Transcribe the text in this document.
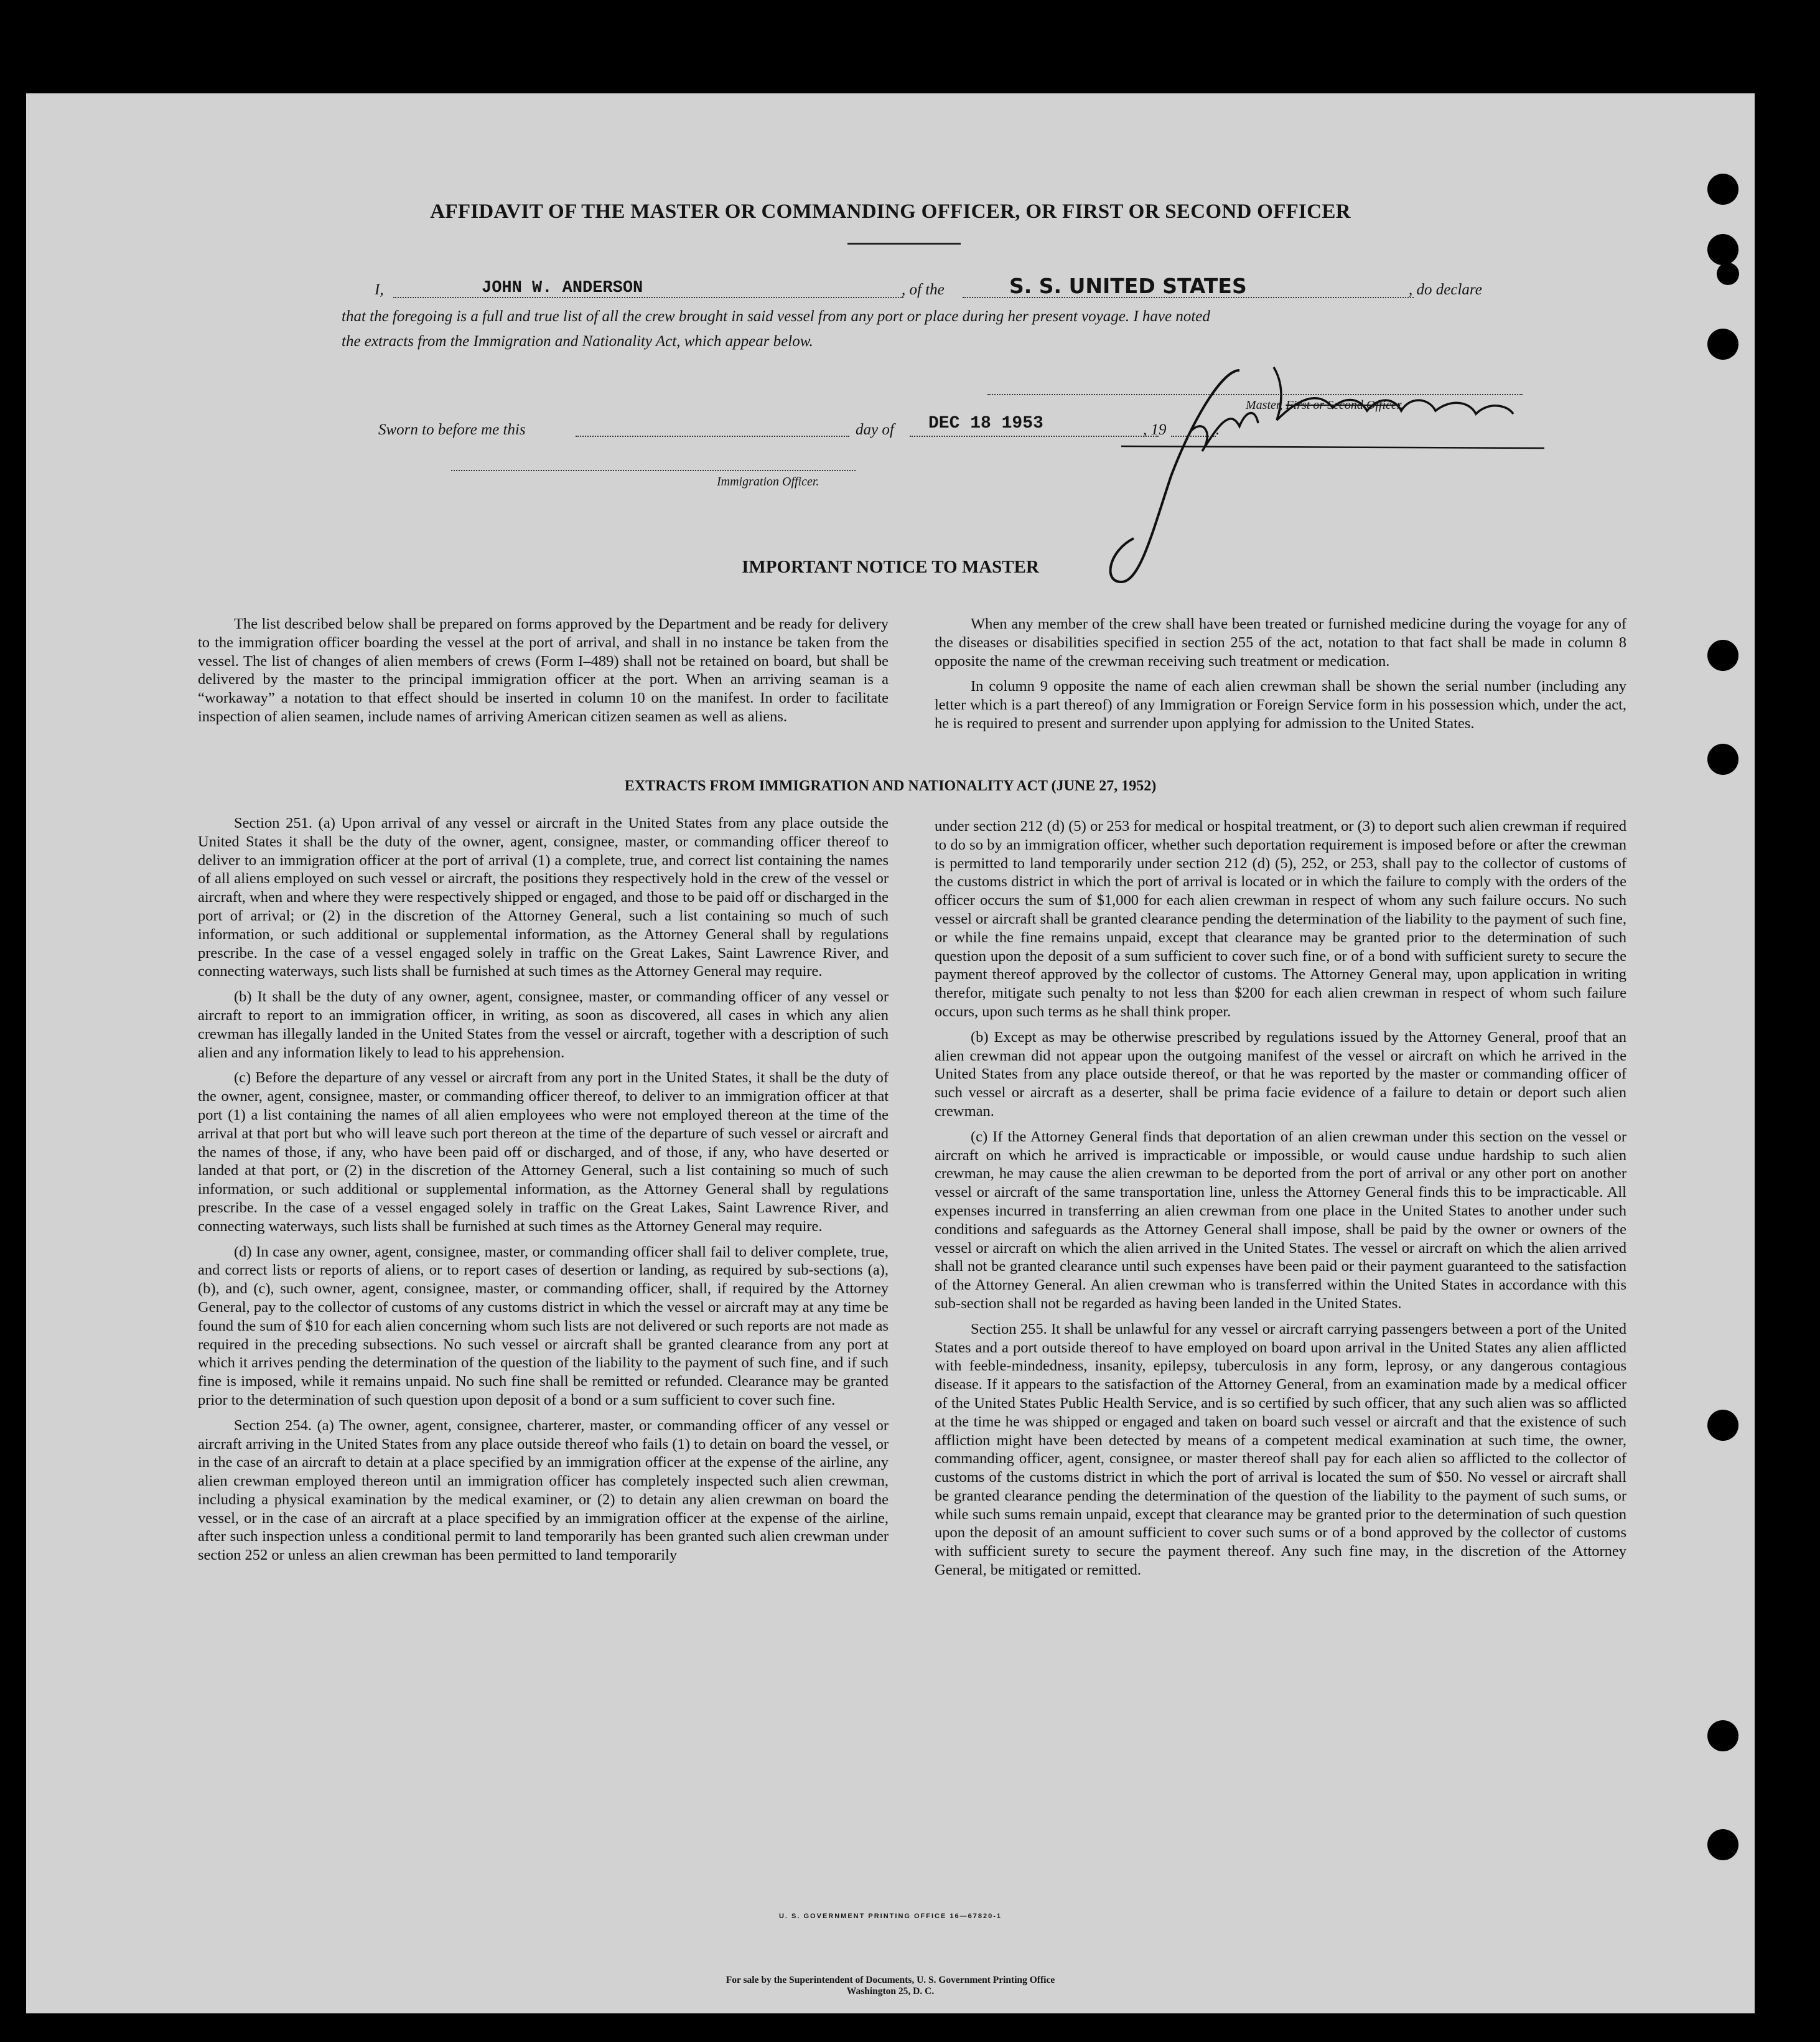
AFFIDAVIT OF THE MASTER OR COMMANDING OFFICER, OR FIRST OR SECOND OFFICER
I,	JOHN W. ANDERSON	, of the	S. S. UNITED STATES	, do declare
that the foregoing is a full and true list of all the crew brought in said vessel from any port or place during her present voyage. I have noted
the extracts from the Immigration and Nationality Act, which appear below.
Master, First or Second Officer.
Sworn to before me this	day of DEC 18 1953	, 19	.
Immigration Officer.
IMPORTANT NOTICE TO MASTER

The list described below shall be prepared on forms approved by the Department and be ready for delivery to the immigration officer boarding the vessel at the port of arrival, and shall in no instance be taken from the vessel. The list of changes of alien members of crews (Form I–489) shall not be retained on board, but shall be delivered by the master to the principal immigration officer at the port. When an arriving seaman is a “workaway” a notation to that effect should be inserted in column 10 on the manifest. In order to facilitate inspection of alien seamen, include names of arriving American citizen seamen as well as aliens.

When any member of the crew shall have been treated or furnished medicine during the voyage for any of the diseases or disabilities specified in section 255 of the act, notation to that fact shall be made in column 8 opposite the name of the crewman receiving such treatment or medication.

In column 9 opposite the name of each alien crewman shall be shown the serial number (including any letter which is a part thereof) of any Immigration or Foreign Service form in his possession which, under the act, he is required to present and surrender upon applying for admission to the United States.

EXTRACTS FROM IMMIGRATION AND NATIONALITY ACT (JUNE 27, 1952)

Section 251. (a) Upon arrival of any vessel or aircraft in the United States from any place outside the United States it shall be the duty of the owner, agent, consignee, master, or commanding officer thereof to deliver to an immigration officer at the port of arrival (1) a complete, true, and correct list containing the names of all aliens employed on such vessel or aircraft, the positions they respectively hold in the crew of the vessel or aircraft, when and where they were respectively shipped or engaged, and those to be paid off or discharged in the port of arrival; or (2) in the discretion of the Attorney General, such a list containing so much of such information, or such additional or supplemental information, as the Attorney General shall by regulations prescribe. In the case of a vessel engaged solely in traffic on the Great Lakes, Saint Lawrence River, and connecting waterways, such lists shall be furnished at such times as the Attorney General may require.

(b) It shall be the duty of any owner, agent, consignee, master, or commanding officer of any vessel or aircraft to report to an immigration officer, in writing, as soon as discovered, all cases in which any alien crewman has illegally landed in the United States from the vessel or aircraft, together with a description of such alien and any information likely to lead to his apprehension.

(c) Before the departure of any vessel or aircraft from any port in the United States, it shall be the duty of the owner, agent, consignee, master, or commanding officer thereof, to deliver to an immigration officer at that port (1) a list containing the names of all alien employees who were not employed thereon at the time of the arrival at that port but who will leave such port thereon at the time of the departure of such vessel or aircraft and the names of those, if any, who have been paid off or discharged, and of those, if any, who have deserted or landed at that port, or (2) in the discretion of the Attorney General, such a list containing so much of such information, or such additional or supplemental information, as the Attorney General shall by regulations prescribe. In the case of a vessel engaged solely in traffic on the Great Lakes, Saint Lawrence River, and connecting waterways, such lists shall be furnished at such times as the Attorney General may require.

(d) In case any owner, agent, consignee, master, or commanding officer shall fail to deliver complete, true, and correct lists or reports of aliens, or to report cases of desertion or landing, as required by sub-sections (a), (b), and (c), such owner, agent, consignee, master, or commanding officer, shall, if required by the Attorney General, pay to the collector of customs of any customs district in which the vessel or aircraft may at any time be found the sum of $10 for each alien concerning whom such lists are not delivered or such reports are not made as required in the preceding subsections. No such vessel or aircraft shall be granted clearance from any port at which it arrives pending the determination of the question of the liability to the payment of such fine, and if such fine is imposed, while it remains unpaid. No such fine shall be remitted or refunded. Clearance may be granted prior to the determination of such question upon deposit of a bond or a sum sufficient to cover such fine.

Section 254. (a) The owner, agent, consignee, charterer, master, or commanding officer of any vessel or aircraft arriving in the United States from any place outside thereof who fails (1) to detain on board the vessel, or in the case of an aircraft to detain at a place specified by an immigration officer at the expense of the airline, any alien crewman employed thereon until an immigration officer has completely inspected such alien crewman, including a physical examination by the medical examiner, or (2) to detain any alien crewman on board the vessel, or in the case of an aircraft at a place specified by an immigration officer at the expense of the airline, after such inspection unless a conditional permit to land temporarily has been granted such alien crewman under section 252 or unless an alien crewman has been permitted to land temporarily

under section 212 (d) (5) or 253 for medical or hospital treatment, or (3) to deport such alien crewman if required to do so by an immigration officer, whether such deportation requirement is imposed before or after the crewman is permitted to land temporarily under section 212 (d) (5), 252, or 253, shall pay to the collector of customs of the customs district in which the port of arrival is located or in which the failure to comply with the orders of the officer occurs the sum of $1,000 for each alien crewman in respect of whom any such failure occurs. No such vessel or aircraft shall be granted clearance pending the determination of the liability to the payment of such fine, or while the fine remains unpaid, except that clearance may be granted prior to the determination of such question upon the deposit of a sum sufficient to cover such fine, or of a bond with sufficient surety to secure the payment thereof approved by the collector of customs. The Attorney General may, upon application in writing therefor, mitigate such penalty to not less than $200 for each alien crewman in respect of whom such failure occurs, upon such terms as he shall think proper.

(b) Except as may be otherwise prescribed by regulations issued by the Attorney General, proof that an alien crewman did not appear upon the outgoing manifest of the vessel or aircraft on which he arrived in the United States from any place outside thereof, or that he was reported by the master or commanding officer of such vessel or aircraft as a deserter, shall be prima facie evidence of a failure to detain or deport such alien crewman.

(c) If the Attorney General finds that deportation of an alien crewman under this section on the vessel or aircraft on which he arrived is impracticable or impossible, or would cause undue hardship to such alien crewman, he may cause the alien crewman to be deported from the port of arrival or any other port on another vessel or aircraft of the same transportation line, unless the Attorney General finds this to be impracticable. All expenses incurred in transferring an alien crewman from one place in the United States to another under such conditions and safeguards as the Attorney General shall impose, shall be paid by the owner or owners of the vessel or aircraft on which the alien arrived in the United States. The vessel or aircraft on which the alien arrived shall not be granted clearance until such expenses have been paid or their payment guaranteed to the satisfaction of the Attorney General. An alien crewman who is transferred within the United States in accordance with this sub-section shall not be regarded as having been landed in the United States.

Section 255. It shall be unlawful for any vessel or aircraft carrying passengers between a port of the United States and a port outside thereof to have employed on board upon arrival in the United States any alien afflicted with feeble-mindedness, insanity, epilepsy, tuberculosis in any form, leprosy, or any dangerous contagious disease. If it appears to the satisfaction of the Attorney General, from an examination made by a medical officer of the United States Public Health Service, and is so certified by such officer, that any such alien was so afflicted at the time he was shipped or engaged and taken on board such vessel or aircraft and that the existence of such affliction might have been detected by means of a competent medical examination at such time, the owner, commanding officer, agent, consignee, or master thereof shall pay for each alien so afflicted to the collector of customs of the customs district in which the port of arrival is located the sum of $50. No vessel or aircraft shall be granted clearance pending the determination of the question of the liability to the payment of such sums, or while such sums remain unpaid, except that clearance may be granted prior to the determination of such question upon the deposit of an amount sufficient to cover such sums or of a bond approved by the collector of customs with sufficient surety to secure the payment thereof. Any such fine may, in the discretion of the Attorney General, be mitigated or remitted.

U. S. GOVERNMENT PRINTING OFFICE 16—67820-1
For sale by the Superintendent of Documents, U. S. Government Printing Office
Washington 25, D. C.
